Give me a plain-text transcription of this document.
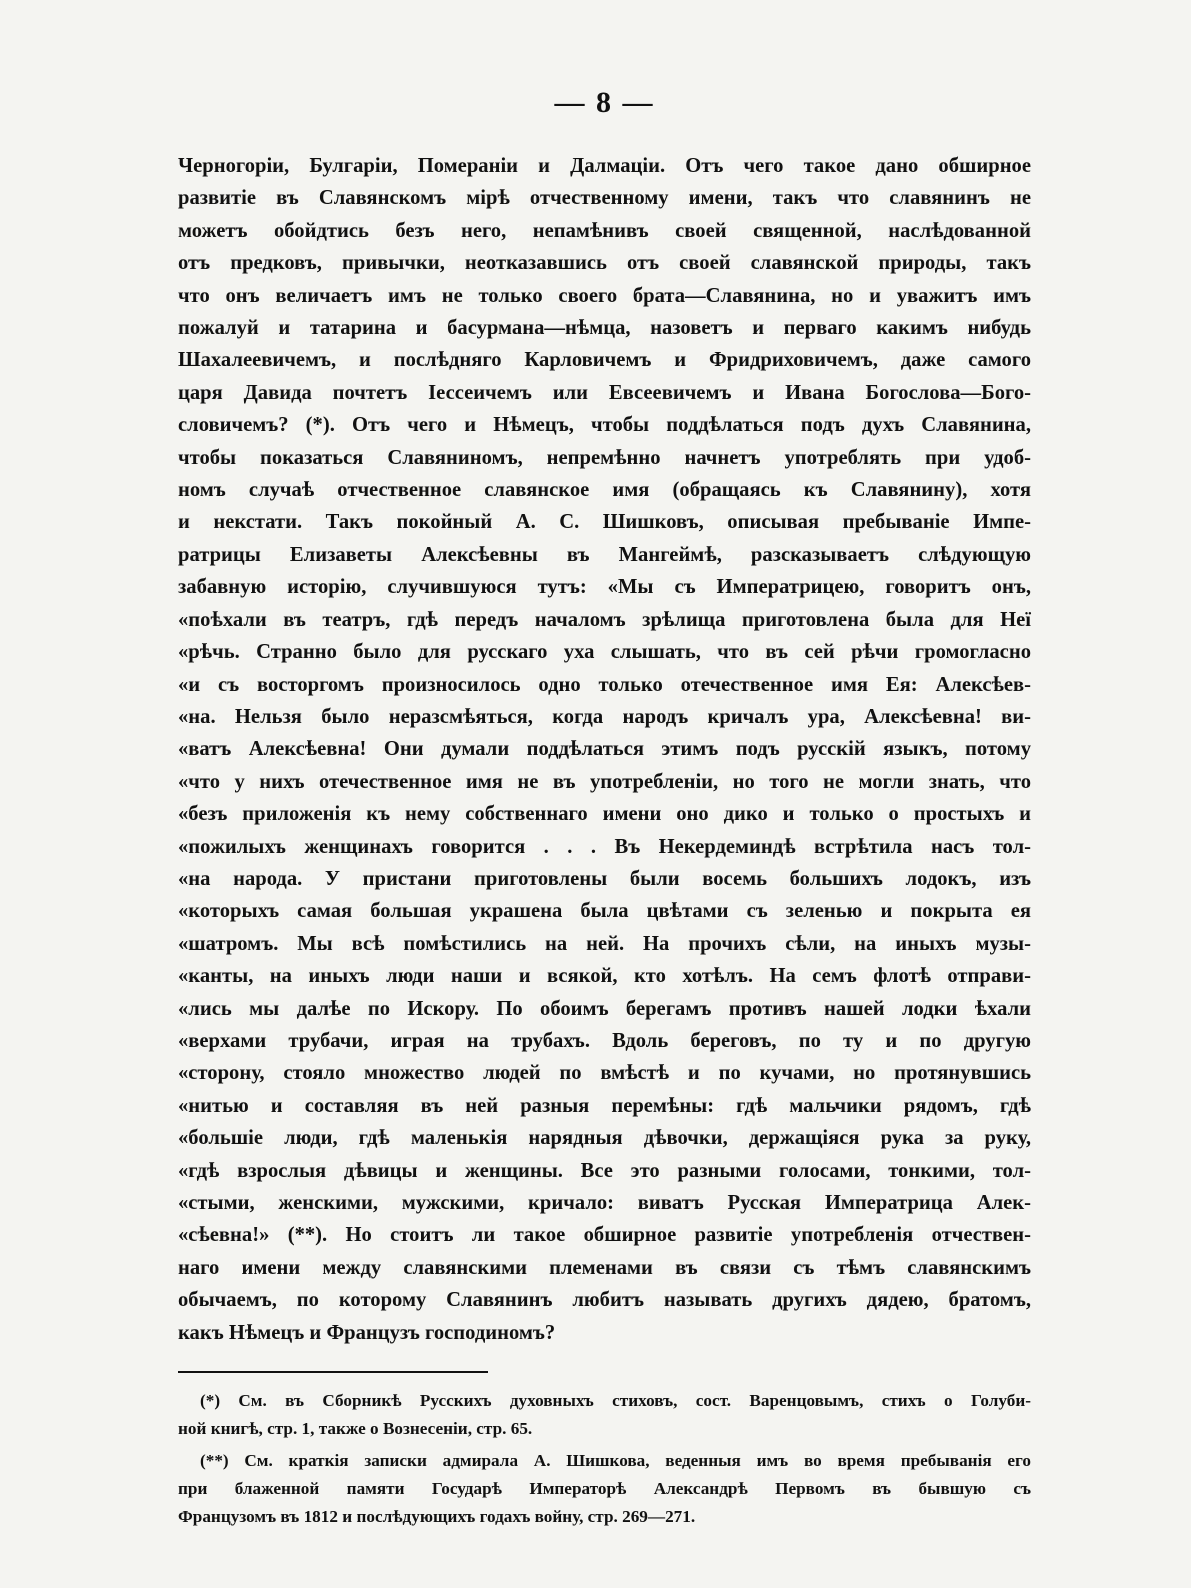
— 8 —
Черногоріи, Булгаріи, Помераніи и Далмаціи. Отъ чего такое дано обширное
развитіе въ Славянскомъ мірѣ отчественному имени, такъ что славянинъ не
можетъ обойдтись безъ него, непамѣнивъ своей священной, наслѣдованной
отъ предковъ, привычки, неотказавшись отъ своей славянской природы, такъ
что онъ величаетъ имъ не только своего брата—Славянина, но и уважитъ имъ
пожалуй и татарина и басурмана—нѣмца, назоветъ и перваго какимъ нибудь
Шахалеевичемъ, и послѣдняго Карловичемъ и Фридриховичемъ, даже самого
царя Давида почтетъ Іессеичемъ или Евсеевичемъ и Ивана Богослова—Бого-
словичемъ? (*). Отъ чего и Нѣмецъ, чтобы поддѣлаться подъ духъ Славянина,
чтобы показаться Славяниномъ, непремѣнно начнетъ употреблять при удоб-
номъ случаѣ отчественное славянское имя (обращаясь къ Славянину), хотя
и некстати. Такъ покойный А. С. Шишковъ, описывая пребываніе Импе-
ратрицы Елизаветы Алексѣевны въ Мангеймѣ, разсказываетъ слѣдующую
забавную исторію, случившуюся тутъ: «Мы съ Императрицею, говоритъ онъ,
«поѣхали въ театръ, гдѣ передъ началомъ зрѣлища приготовлена была для Неї
«рѣчь. Странно было для русскаго уха слышать, что въ сей рѣчи громогласно
«и съ восторгомъ произносилось одно только отечественное имя Ея: Алексѣев-
«на. Нельзя было неразсмѣяться, когда народъ кричалъ ура, Алексѣевна! ви-
«ватъ Алексѣевна! Они думали поддѣлаться этимъ подъ русскій языкъ, потому
«что у нихъ отечественное имя не въ употребленіи, но того не могли знать, что
«безъ приложенія къ нему собственнаго имени оно дико и только о простыхъ и
«пожилыхъ женщинахъ говорится . . . Въ Некердеминдѣ встрѣтила насъ тол-
«на народа. У пристани приготовлены были восемь большихъ лодокъ, изъ
«которыхъ самая большая украшена была цвѣтами съ зеленью и покрыта ея
«шатромъ. Мы всѣ помѣстились на ней. На прочихъ сѣли, на иныхъ музы-
«канты, на иныхъ люди наши и всякой, кто хотѣлъ. На семъ флотѣ отправи-
«лись мы далѣе по Искору. По обоимъ берегамъ противъ нашей лодки ѣхали
«верхами трубачи, играя на трубахъ. Вдоль береговъ, по ту и по другую
«сторону, стояло множество людей по вмѣстѣ и по кучами, но протянувшись
«нитью и составляя въ ней разныя перемѣны: гдѣ мальчики рядомъ, гдѣ
«большіе люди, гдѣ маленькія нарядныя дѣвочки, держащіяся рука за руку,
«гдѣ взрослыя дѣвицы и женщины. Все это разными голосами, тонкими, тол-
«стыми, женскими, мужскими, кричало: виватъ Русская Императрица Алек-
«сѣевна!» (**). Но стоитъ ли такое обширное развитіе употребленія отчествен-
наго имени между славянскими племенами въ связи съ тѣмъ славянскимъ
обычаемъ, по которому Славянинъ любитъ называть другихъ дядею, братомъ,
какъ Нѣмецъ и Французъ господиномъ?
(*) См. въ Сборникѣ Русскихъ духовныхъ стиховъ, сост. Варенцовымъ, стихъ о Голуби-
ной книгѣ, стр. 1, также о Вознесеніи, стр. 65.
(**) См. краткія записки адмирала А. Шишкова, веденныя имъ во время пребыванія его
при блаженной памяти Государѣ Императорѣ Александрѣ Первомъ въ бывшую съ
Французомъ въ 1812 и послѣдующихъ годахъ войну, стр. 269—271.
